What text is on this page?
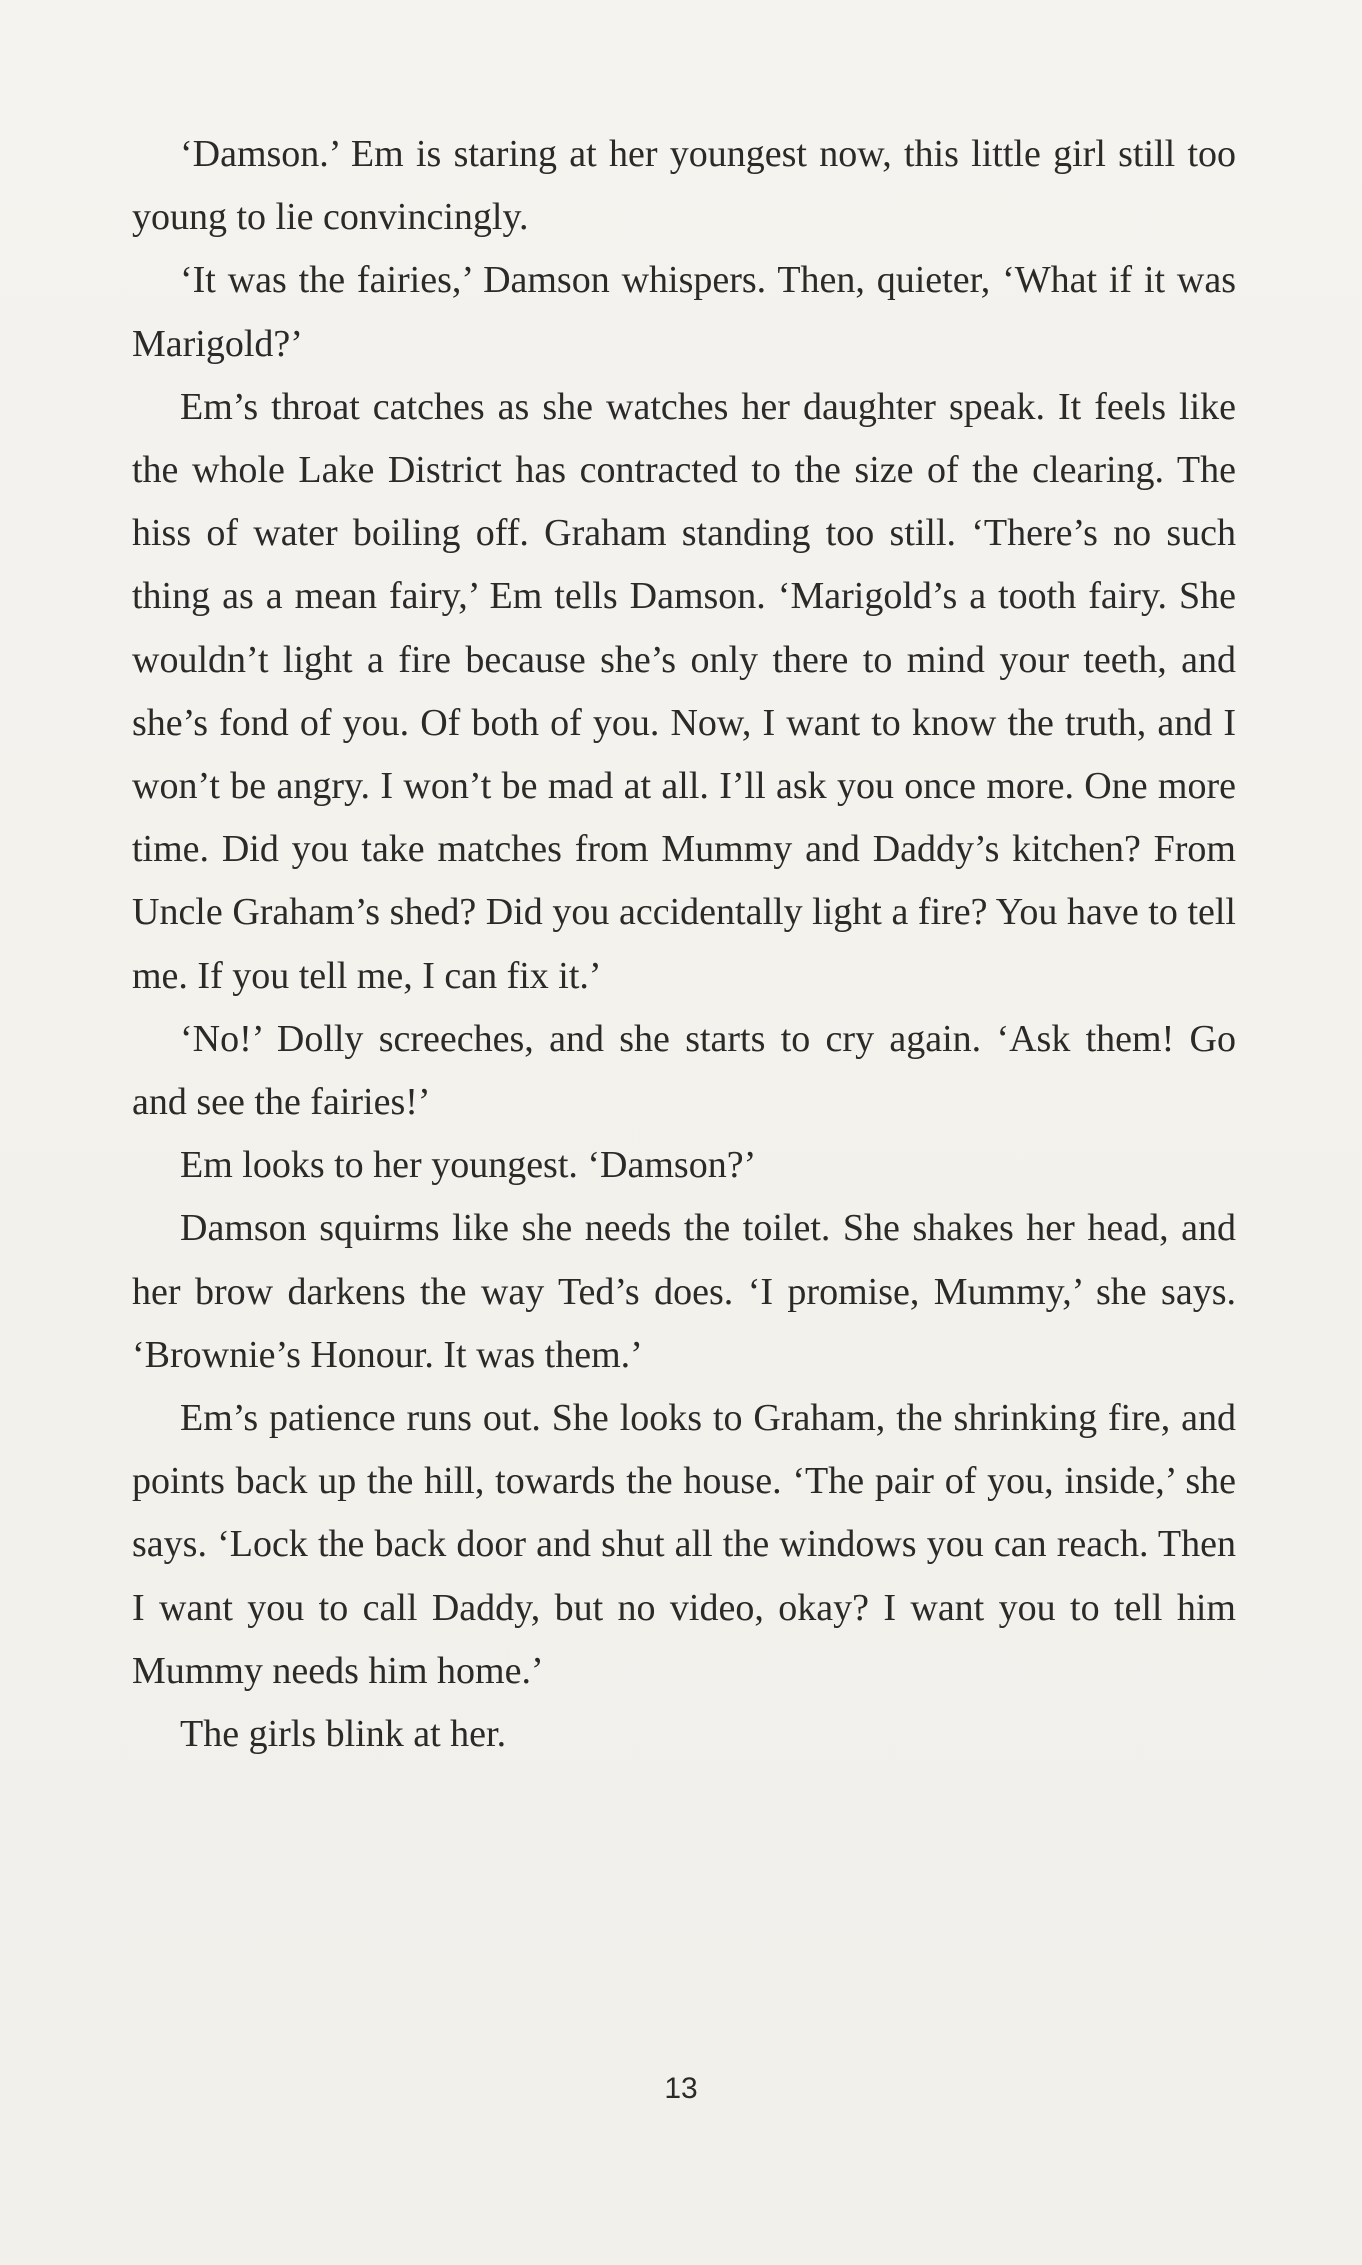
‘Damson.’ Em is staring at her youngest now, this little girl still too young to lie convincingly.

‘It was the fairies,’ Damson whispers. Then, quieter, ‘What if it was Marigold?’

Em’s throat catches as she watches her daughter speak. It feels like the whole Lake District has contracted to the size of the clearing. The hiss of water boiling off. Graham standing too still. ‘There’s no such thing as a mean fairy,’ Em tells Damson. ‘Marigold’s a tooth fairy. She wouldn’t light a fire because she’s only there to mind your teeth, and she’s fond of you. Of both of you. Now, I want to know the truth, and I won’t be angry. I won’t be mad at all. I’ll ask you once more. One more time. Did you take matches from Mummy and Daddy’s kitchen? From Uncle Graham’s shed? Did you accidentally light a fire? You have to tell me. If you tell me, I can fix it.’

‘No!’ Dolly screeches, and she starts to cry again. ‘Ask them! Go and see the fairies!’

Em looks to her youngest. ‘Damson?’

Damson squirms like she needs the toilet. She shakes her head, and her brow darkens the way Ted’s does. ‘I promise, Mummy,’ she says. ‘Brownie’s Honour. It was them.’

Em’s patience runs out. She looks to Graham, the shrinking fire, and points back up the hill, towards the house. ‘The pair of you, inside,’ she says. ‘Lock the back door and shut all the windows you can reach. Then I want you to call Daddy, but no video, okay? I want you to tell him Mummy needs him home.’

The girls blink at her.

13
